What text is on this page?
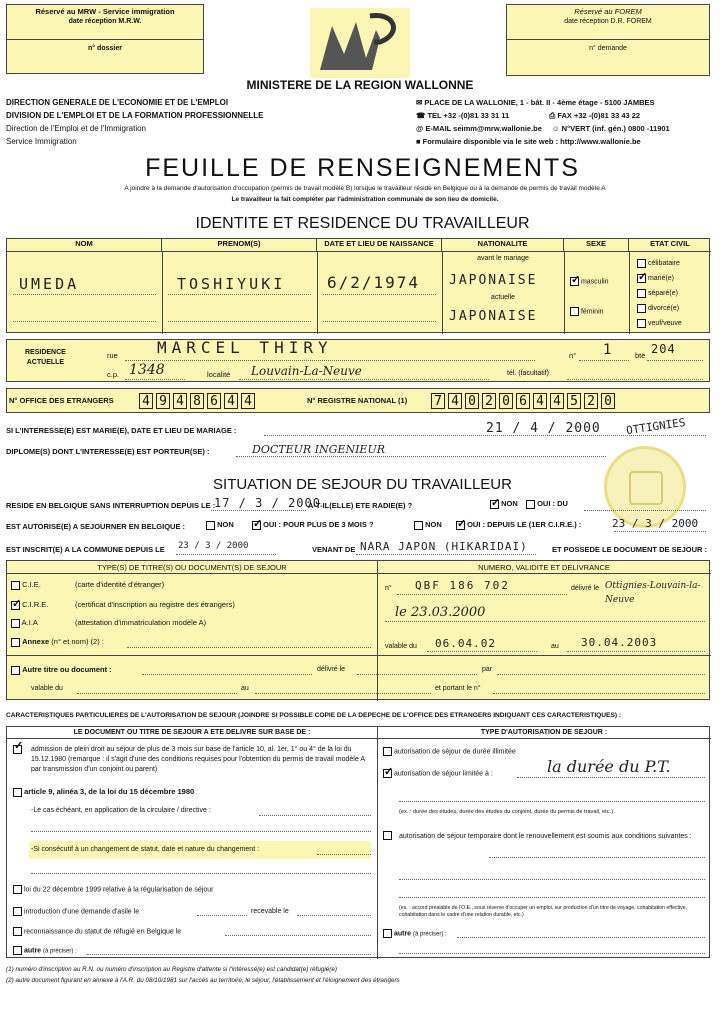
Réservé au MRW - Service immigration
date réception M.R.W.
n° dossier
Réservé au FOREM
date réception D.R. FOREM
n° demande
MINISTERE DE LA REGION WALLONNE
DIRECTION GENERALE DE L'ECONOMIE ET DE L'EMPLOI
DIVISION DE L'EMPLOI ET DE LA FORMATION PROFESSIONNELLE
Direction de l'Emploi et de l'Immigration
Service Immigration
✉ PLACE DE LA WALLONIE, 1 - bât. II - 4ème étage - 5100 JAMBES
☎ TEL +32 -(0)81 33 31 11	⎙ FAX +32 -(0)81 33 43 22
@ E-MAIL seimm@mrw.wallonie.be ☺ N°VERT (inf. gén.) 0800 -11901
■ Formulaire disponible via le site web : http://www.wallonie.be
FEUILLE DE RENSEIGNEMENTS
A joindre à la demande d'autorisation d'occupation (permis de travail modèle B) lorsque le travailleur réside en Belgique ou à la demande de permis de travail modèle A
Le travailleur la fait compléter par l'administration communale de son lieu de domicile.
IDENTITE ET RESIDENCE DU TRAVAILLEUR
NOM	PRENOM(S)	DATE ET LIEU DE NAISSANCE	NATIONALITE	SEXE	ETAT CIVIL
UMEDA	TOSHIYUKI	6/2/1974
avant le mariage
JAPONAISE
actuelle
JAPONAISE
✓ masculin
féminin
célibataire
✓ marié(e)
séparé(e)
divorcé(e)
veuf/veuve
RESIDENCE
ACTUELLE
rue MARCEL THIRY	n° 1	bte 204
c.p. 1348	localité Louvain-La-Neuve	tél. (facultatif)
N° OFFICE DES ETRANGERS 4 9 4 8 6 4 4	N° REGISTRE NATIONAL (1) 7 4 0 2 0 6 4 4 5 2 0
SI L'INTERESSE(E) EST MARIE(E), DATE ET LIEU DE MARIAGE :	21 / 4 / 2000 OTTIGNIES
DIPLOME(S) DONT L'INTERESSE(E) EST PORTEUR(SE) :	DOCTEUR INGENIEUR
SITUATION DE SEJOUR DU TRAVAILLEUR
RESIDE EN BELGIQUE SANS INTERRUPTION DEPUIS LE :
17 / 3 / 2000
A-T-IL(ELLE) ETE RADIE(E) ? ✓	NON	OUI : DU
EST AUTORISE(E) A SEJOURNER EN BELGIQUE :	NON ✓	OUI : POUR PLUS DE 3 MOIS ?	NON ✓	OUI : DEPUIS LE (1ER C.I.R.E.) :	23 / 3 / 2000
EST INSCRIT(E) A LA COMMUNE DEPUIS LE 23 / 3 / 2000	VENANT DE NARA JAPON (HIKARIDAI)	ET POSSEDE LE DOCUMENT DE SEJOUR :
TYPE(S) DE TITRE(S) OU DOCUMENT(S) DE SEJOUR	NUMERO, VALIDITE ET DELIVRANCE
C.I.E.	(carte d'identité d'étranger)
✓ C.I.R.E.	(certificat d'inscription au registre des étrangers)
A.I.A	(attestation d'immatriculation modèle A)
Annexe (n° et nom) (2) :
n° QBF 186 702	délivré le Ottignies-Louvain-la-Neuve
le 23.03.2000
valable du 06.04.02	au 30.04.2003
Autre titre ou document :	délivré le	par
valable du	au	et portant le n°
CARACTERISTIQUES PARTICULIERES DE L'AUTORISATION DE SEJOUR (JOINDRE SI POSSIBLE COPIE DE LA DEPECHE DE L'OFFICE DES ETRANGERS INDIQUANT CES CARACTERISTIQUES) :
LE DOCUMENT OU TITRE DE SEJOUR A ETE DELIVRE SUR BASE DE :	TYPE D'AUTORISATION DE SEJOUR :
✓
admission de plein droit au séjour de plus de 3 mois sur base de l'article 10, al. 1er, 1° ou 4° de la loi du 15.12.1980 (remarque : il s'agit d'une des conditions requises pour l'obtention du permis de travail modèle A par transmission d'un conjoint ou parent)
article 9, alinéa 3, de la loi du 15 décembre 1980
-Le cas échéant, en application de la circulaire / directive :
-Si consécutif à un changement de statut, date et nature du changement :
loi du 22 décembre 1999 relative à la régularisation de séjour
introduction d'une demande d'asile le	recevable le
reconnaissance du statut de réfugié en Belgique le
autre (à préciser) :
autorisation de séjour de durée illimitée
✓ autorisation de séjour limitée à :	la durée du P.T.
(ex. : durée des études, durée des études du conjoint, durée du permis de travail, etc.)
autorisation de séjour temporaire dont le renouvellement est soumis aux conditions suivantes :
(ex. : accord préalable de l'O.E., sous réserve d'occuper un emploi, sur production d'un titre de voyage, cohabitation effective, cohabitation dans le cadre d'une relation durable, etc.)
autre (à préciser) :
(1) numéro d'inscription au R.N. ou numéro d'inscription au Registre d'attente si l'intéressé(e) est candidat(e) réfugié(e)
(2) autre document figurant en annexe à l'A.R. du 08/10/1981 sur l'accès au territoire, le séjour, l'établissement et l'éloignement des étrangers
